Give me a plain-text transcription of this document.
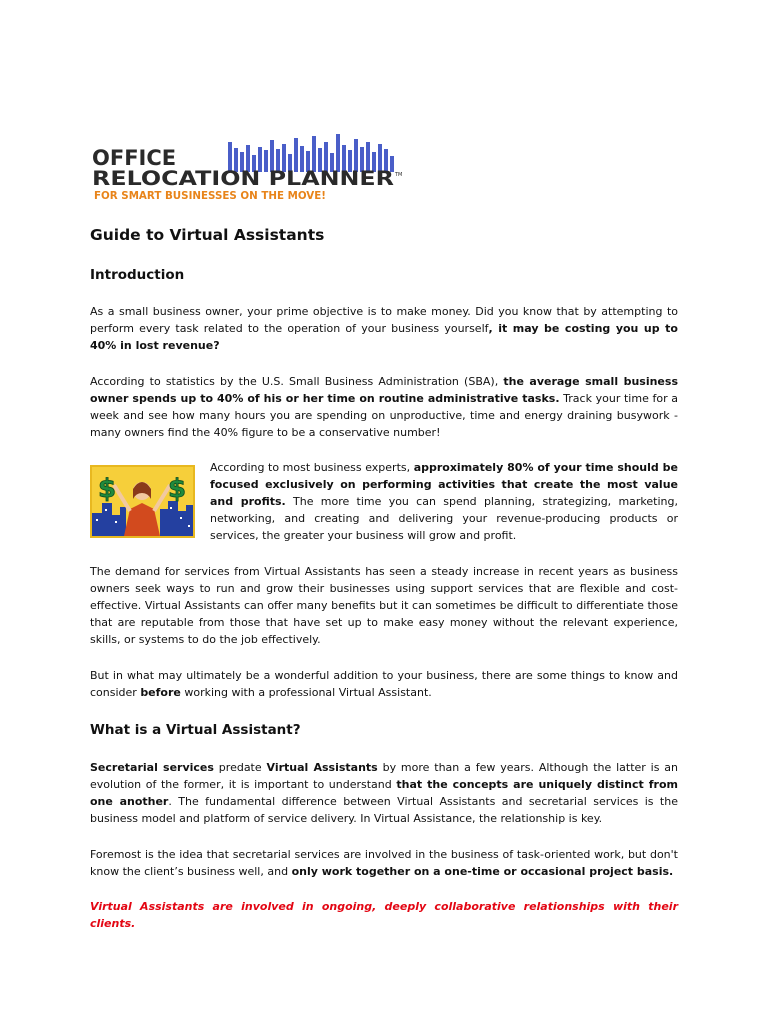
OFFICE
RELOCATION PLANNER TM
FOR SMART BUSINESSES ON THE MOVE!
Guide to Virtual Assistants
Introduction

As a small business owner, your prime objective is to make money. Did you know that by attempting to perform every task related to the operation of your business yourself, it may be costing you up to 40% in lost revenue?

According to statistics by the U.S. Small Business Administration (SBA), the average small business owner spends up to 40% of his or her time on routine administrative tasks. Track your time for a week and see how many hours you are spending on unproductive, time and energy draining busywork - many owners find the 40% figure to be a conservative number!

$ $

According to most business experts, approximately 80% of your time should be focused exclusively on performing activities that create the most value and profits. The more time you can spend planning, strategizing, marketing, networking, and creating and delivering your revenue-producing products or services, the greater your business will grow and profit.

The demand for services from Virtual Assistants has seen a steady increase in recent years as business owners seek ways to run and grow their businesses using support services that are flexible and cost-effective. Virtual Assistants can offer many benefits but it can sometimes be difficult to differentiate those that are reputable from those that have set up to make easy money without the relevant experience, skills, or systems to do the job effectively.

But in what may ultimately be a wonderful addition to your business, there are some things to know and consider before working with a professional Virtual Assistant.

What is a Virtual Assistant?

Secretarial services predate Virtual Assistants by more than a few years. Although the latter is an evolution of the former, it is important to understand that the concepts are uniquely distinct from one another. The fundamental difference between Virtual Assistants and secretarial services is the business model and platform of service delivery. In Virtual Assistance, the relationship is key.

Foremost is the idea that secretarial services are involved in the business of task-oriented work, but don't know the client’s business well, and only work together on a one-time or occasional project basis.

Virtual Assistants are involved in ongoing, deeply collaborative relationships with their clients.
